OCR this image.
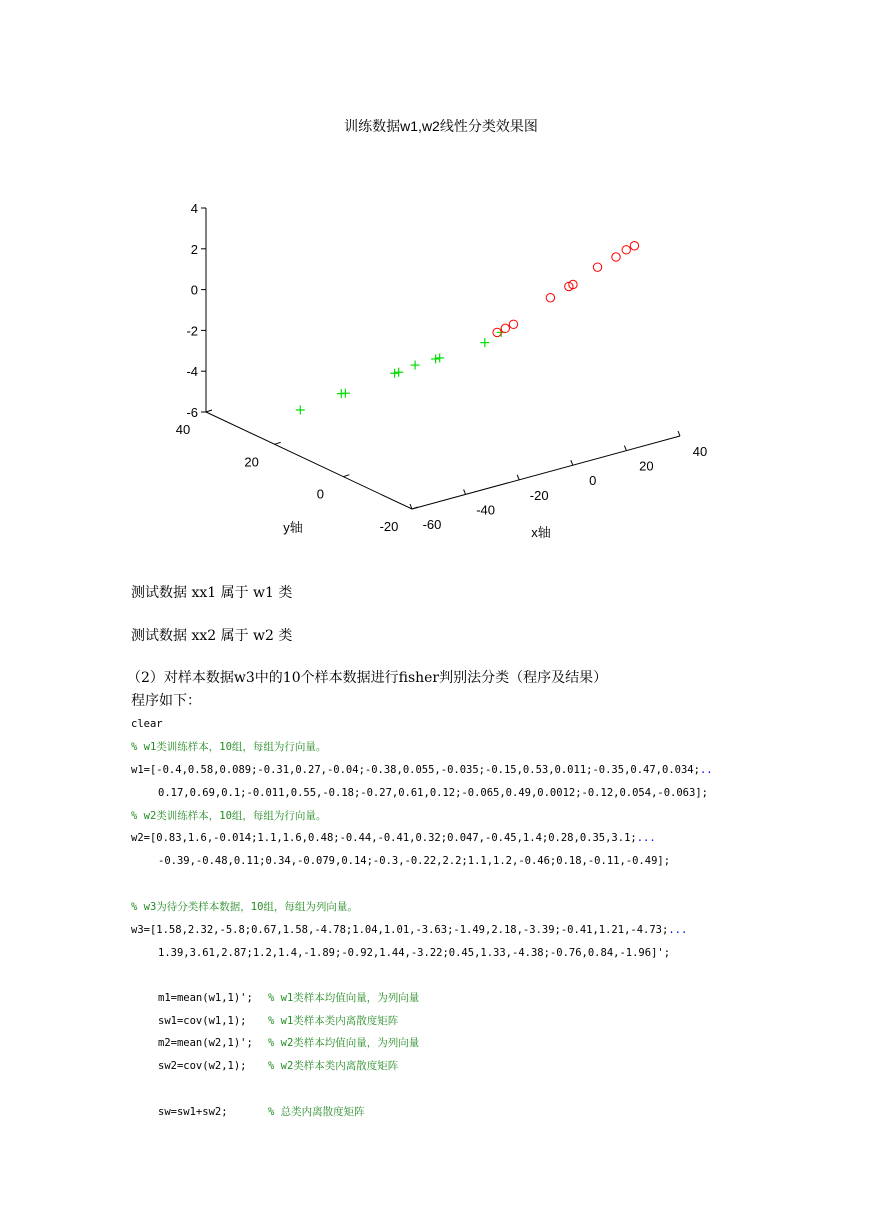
训练数据w1,w2线性分类效果图
4
2
0
-2
-4
-6
40
20
0
-20 -60
-40
-20
0
20
40
y轴	x轴
测试数据 xx1 属于 w1 类
测试数据 xx2 属于 w2 类
（2）对样本数据w3中的10个样本数据进行fisher判别法分类（程序及结果）
程序如下：
clear
% w1类训练样本，10组，每组为行向量。
w1=[-0.4,0.58,0.089;-0.31,0.27,-0.04;-0.38,0.055,-0.035;-0.15,0.53,0.011;-0.35,0.47,0.034;..
0.17,0.69,0.1;-0.011,0.55,-0.18;-0.27,0.61,0.12;-0.065,0.49,0.0012;-0.12,0.054,-0.063];
% w2类训练样本，10组，每组为行向量。
w2=[0.83,1.6,-0.014;1.1,1.6,0.48;-0.44,-0.41,0.32;0.047,-0.45,1.4;0.28,0.35,3.1;...
-0.39,-0.48,0.11;0.34,-0.079,0.14;-0.3,-0.22,2.2;1.1,1.2,-0.46;0.18,-0.11,-0.49];
% w3为待分类样本数据，10组，每组为列向量。
w3=[1.58,2.32,-5.8;0.67,1.58,-4.78;1.04,1.01,-3.63;-1.49,2.18,-3.39;-0.41,1.21,-4.73;...
1.39,3.61,2.87;1.2,1.4,-1.89;-0.92,1.44,-3.22;0.45,1.33,-4.38;-0.76,0.84,-1.96]';
m1=mean(w1,1)'; % w1类样本均值向量，为列向量
sw1=cov(w1,1); % w1类样本类内离散度矩阵
m2=mean(w2,1)'; % w2类样本均值向量，为列向量
sw2=cov(w2,1); % w2类样本类内离散度矩阵
sw=sw1+sw2;	% 总类内离散度矩阵
